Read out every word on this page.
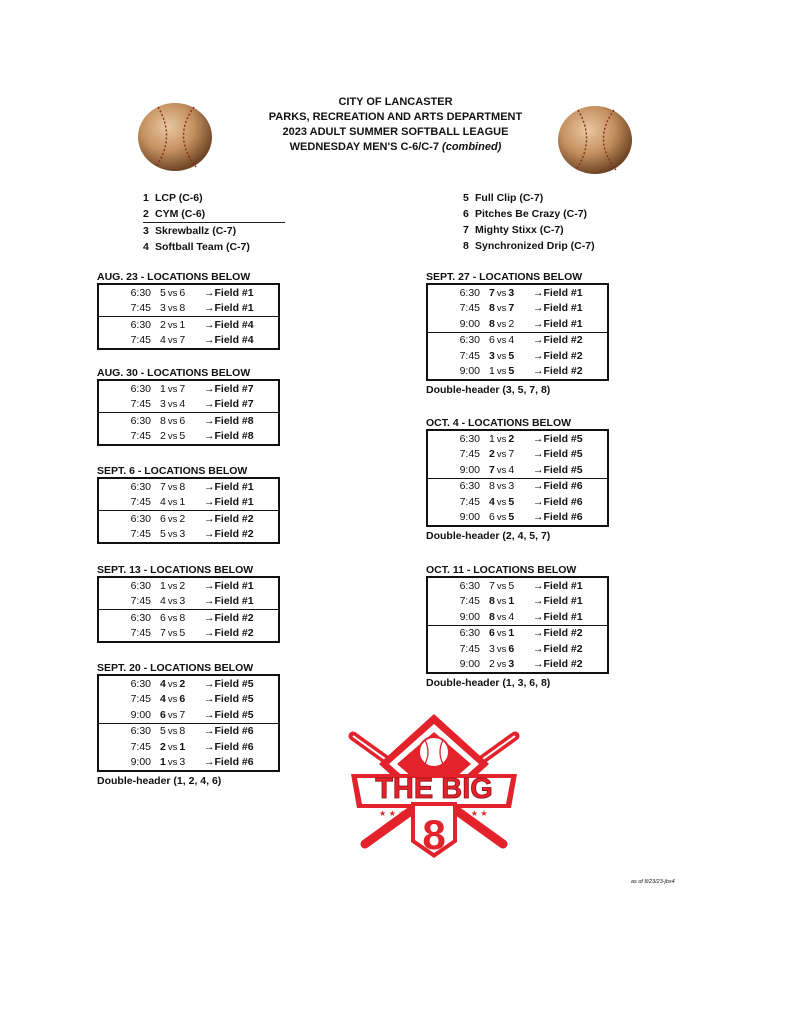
CITY OF LANCASTER
PARKS, RECREATION AND ARTS DEPARTMENT
2023 ADULT SUMMER SOFTBALL LEAGUE
WEDNESDAY MEN'S C-6/C-7 (combined)
1 LCP (C-6)
2 CYM (C-6)
3 Skrewballz (C-7)
4 Softball Team (C-7)
5 Full Clip (C-7)
6 Pitches Be Crazy (C-7)
7 Mighty Stixx (C-7)
8 Synchronized Drip (C-7)
AUG. 23 - LOCATIONS BELOW
6:30	5 vs 6	→Field #1
7:45	3 vs 8	→Field #1
6:30	2 vs 1	→Field #4
7:45	4 vs 7	→Field #4
AUG. 30 - LOCATIONS BELOW
6:30	1 vs 7	→Field #7
7:45	3 vs 4	→Field #7
6:30	8 vs 6	→Field #8
7:45	2 vs 5	→Field #8
SEPT. 6 - LOCATIONS BELOW
6:30	7 vs 8	→Field #1
7:45	4 vs 1	→Field #1
6:30	6 vs 2	→Field #2
7:45	5 vs 3	→Field #2
SEPT. 13 - LOCATIONS BELOW
6:30	1 vs 2	→Field #1
7:45	4 vs 3	→Field #1
6:30	6 vs 8	→Field #2
7:45	7 vs 5	→Field #2
SEPT. 20 - LOCATIONS BELOW
6:30	4 vs 2	→Field #5
7:45	4 vs 6	→Field #5
9:00	6 vs 7	→Field #5
6:30	5 vs 8	→Field #6
7:45	2 vs 1	→Field #6
9:00	1 vs 3	→Field #6
Double-header (1, 2, 4, 6)
SEPT. 27 - LOCATIONS BELOW
6:30	7 vs 3	→Field #1
7:45	8 vs 7	→Field #1
9:00	8 vs 2	→Field #1
6:30	6 vs 4	→Field #2
7:45	3 vs 5	→Field #2
9:00	1 vs 5	→Field #2
Double-header (3, 5, 7, 8)
OCT. 4 - LOCATIONS BELOW
6:30	1 vs 2	→Field #5
7:45	2 vs 7	→Field #5
9:00	7 vs 4	→Field #5
6:30	8 vs 3	→Field #6
7:45	4 vs 5	→Field #6
9:00	6 vs 5	→Field #6
Double-header (2, 4, 5, 7)
OCT. 11 - LOCATIONS BELOW
6:30	7 vs 5	→Field #1
7:45	8 vs 1	→Field #1
9:00	8 vs 4	→Field #1
6:30	6 vs 1	→Field #2
7:45	3 vs 6	→Field #2
9:00	2 vs 3	→Field #2
Double-header (1, 3, 6, 8)
THE BIG
8
★ ★ ★	★ ★ ★
as of 8/23/23-jbs4
